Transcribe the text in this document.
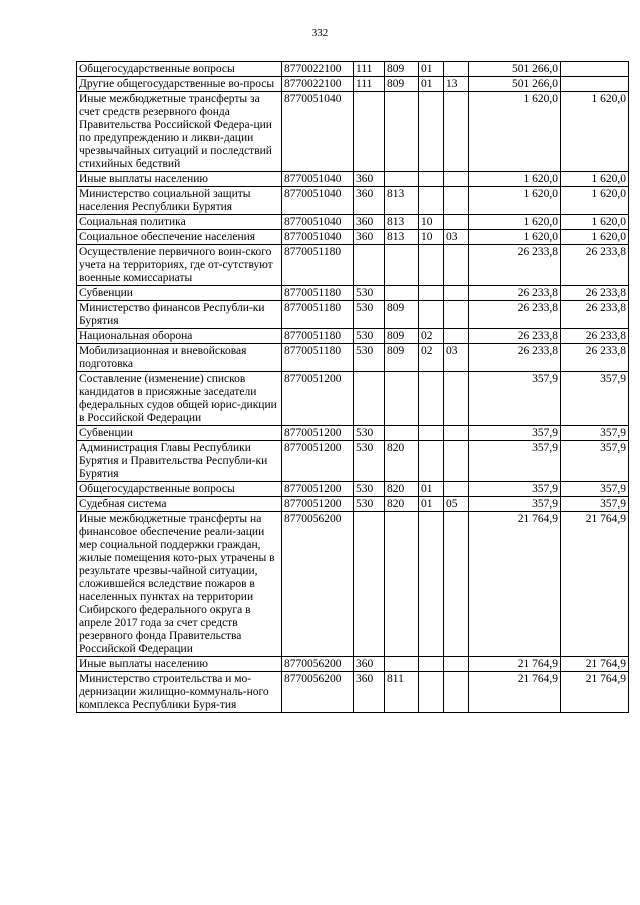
332
Общегосударственные вопросы	8770022100	111	809	01		501 266,0	
Другие общегосударственные во-просы	8770022100	111	809	01	13	501 266,0	
Иные межбюджетные трансферты за счет средств резервного фонда Правительства Российской Федера-ции по предупреждению и ликви-дации чрезвычайных ситуаций и последствий стихийных бедствий	8770051040					1 620,0	1 620,0
Иные выплаты населению	8770051040	360				1 620,0	1 620,0
Министерство социальной защиты населения Республики Бурятия	8770051040	360	813			1 620,0	1 620,0
Социальная политика	8770051040	360	813	10		1 620,0	1 620,0
Социальное обеспечение населения	8770051040	360	813	10	03	1 620,0	1 620,0
Осуществление первичного воин-ского учета на территориях, где от-сутствуют военные комиссариаты	8770051180					26 233,8	26 233,8
Субвенции	8770051180	530				26 233,8	26 233,8
Министерство финансов Республи-ки Бурятия	8770051180	530	809			26 233,8	26 233,8
Национальная оборона	8770051180	530	809	02		26 233,8	26 233,8
Мобилизационная и вневойсковая подготовка	8770051180	530	809	02	03	26 233,8	26 233,8
Составление (изменение) списков кандидатов в присяжные заседатели федеральных судов общей юрис-дикции в Российской Федерации	8770051200					357,9	357,9
Субвенции	8770051200	530				357,9	357,9
Администрация Главы Республики Бурятия и Правительства Республи-ки Бурятия	8770051200	530	820			357,9	357,9
Общегосударственные вопросы	8770051200	530	820	01		357,9	357,9
Судебная система	8770051200	530	820	01	05	357,9	357,9
Иные межбюджетные трансферты на финансовое обеспечение реали-зации мер социальной поддержки граждан, жилые помещения кото-рых утрачены в результате чрезвы-чайной ситуации, сложившейся вследствие пожаров в населенных пунктах на территории Сибирского федерального округа в апреле 2017 года за счет средств резервного фонда Правительства Российской Федерации	8770056200					21 764,9	21 764,9
Иные выплаты населению	8770056200	360				21 764,9	21 764,9
Министерство строительства и мо-дернизации жилищно-коммуналь-ного комплекса Республики Буря-тия	8770056200	360	811			21 764,9	21 764,9
